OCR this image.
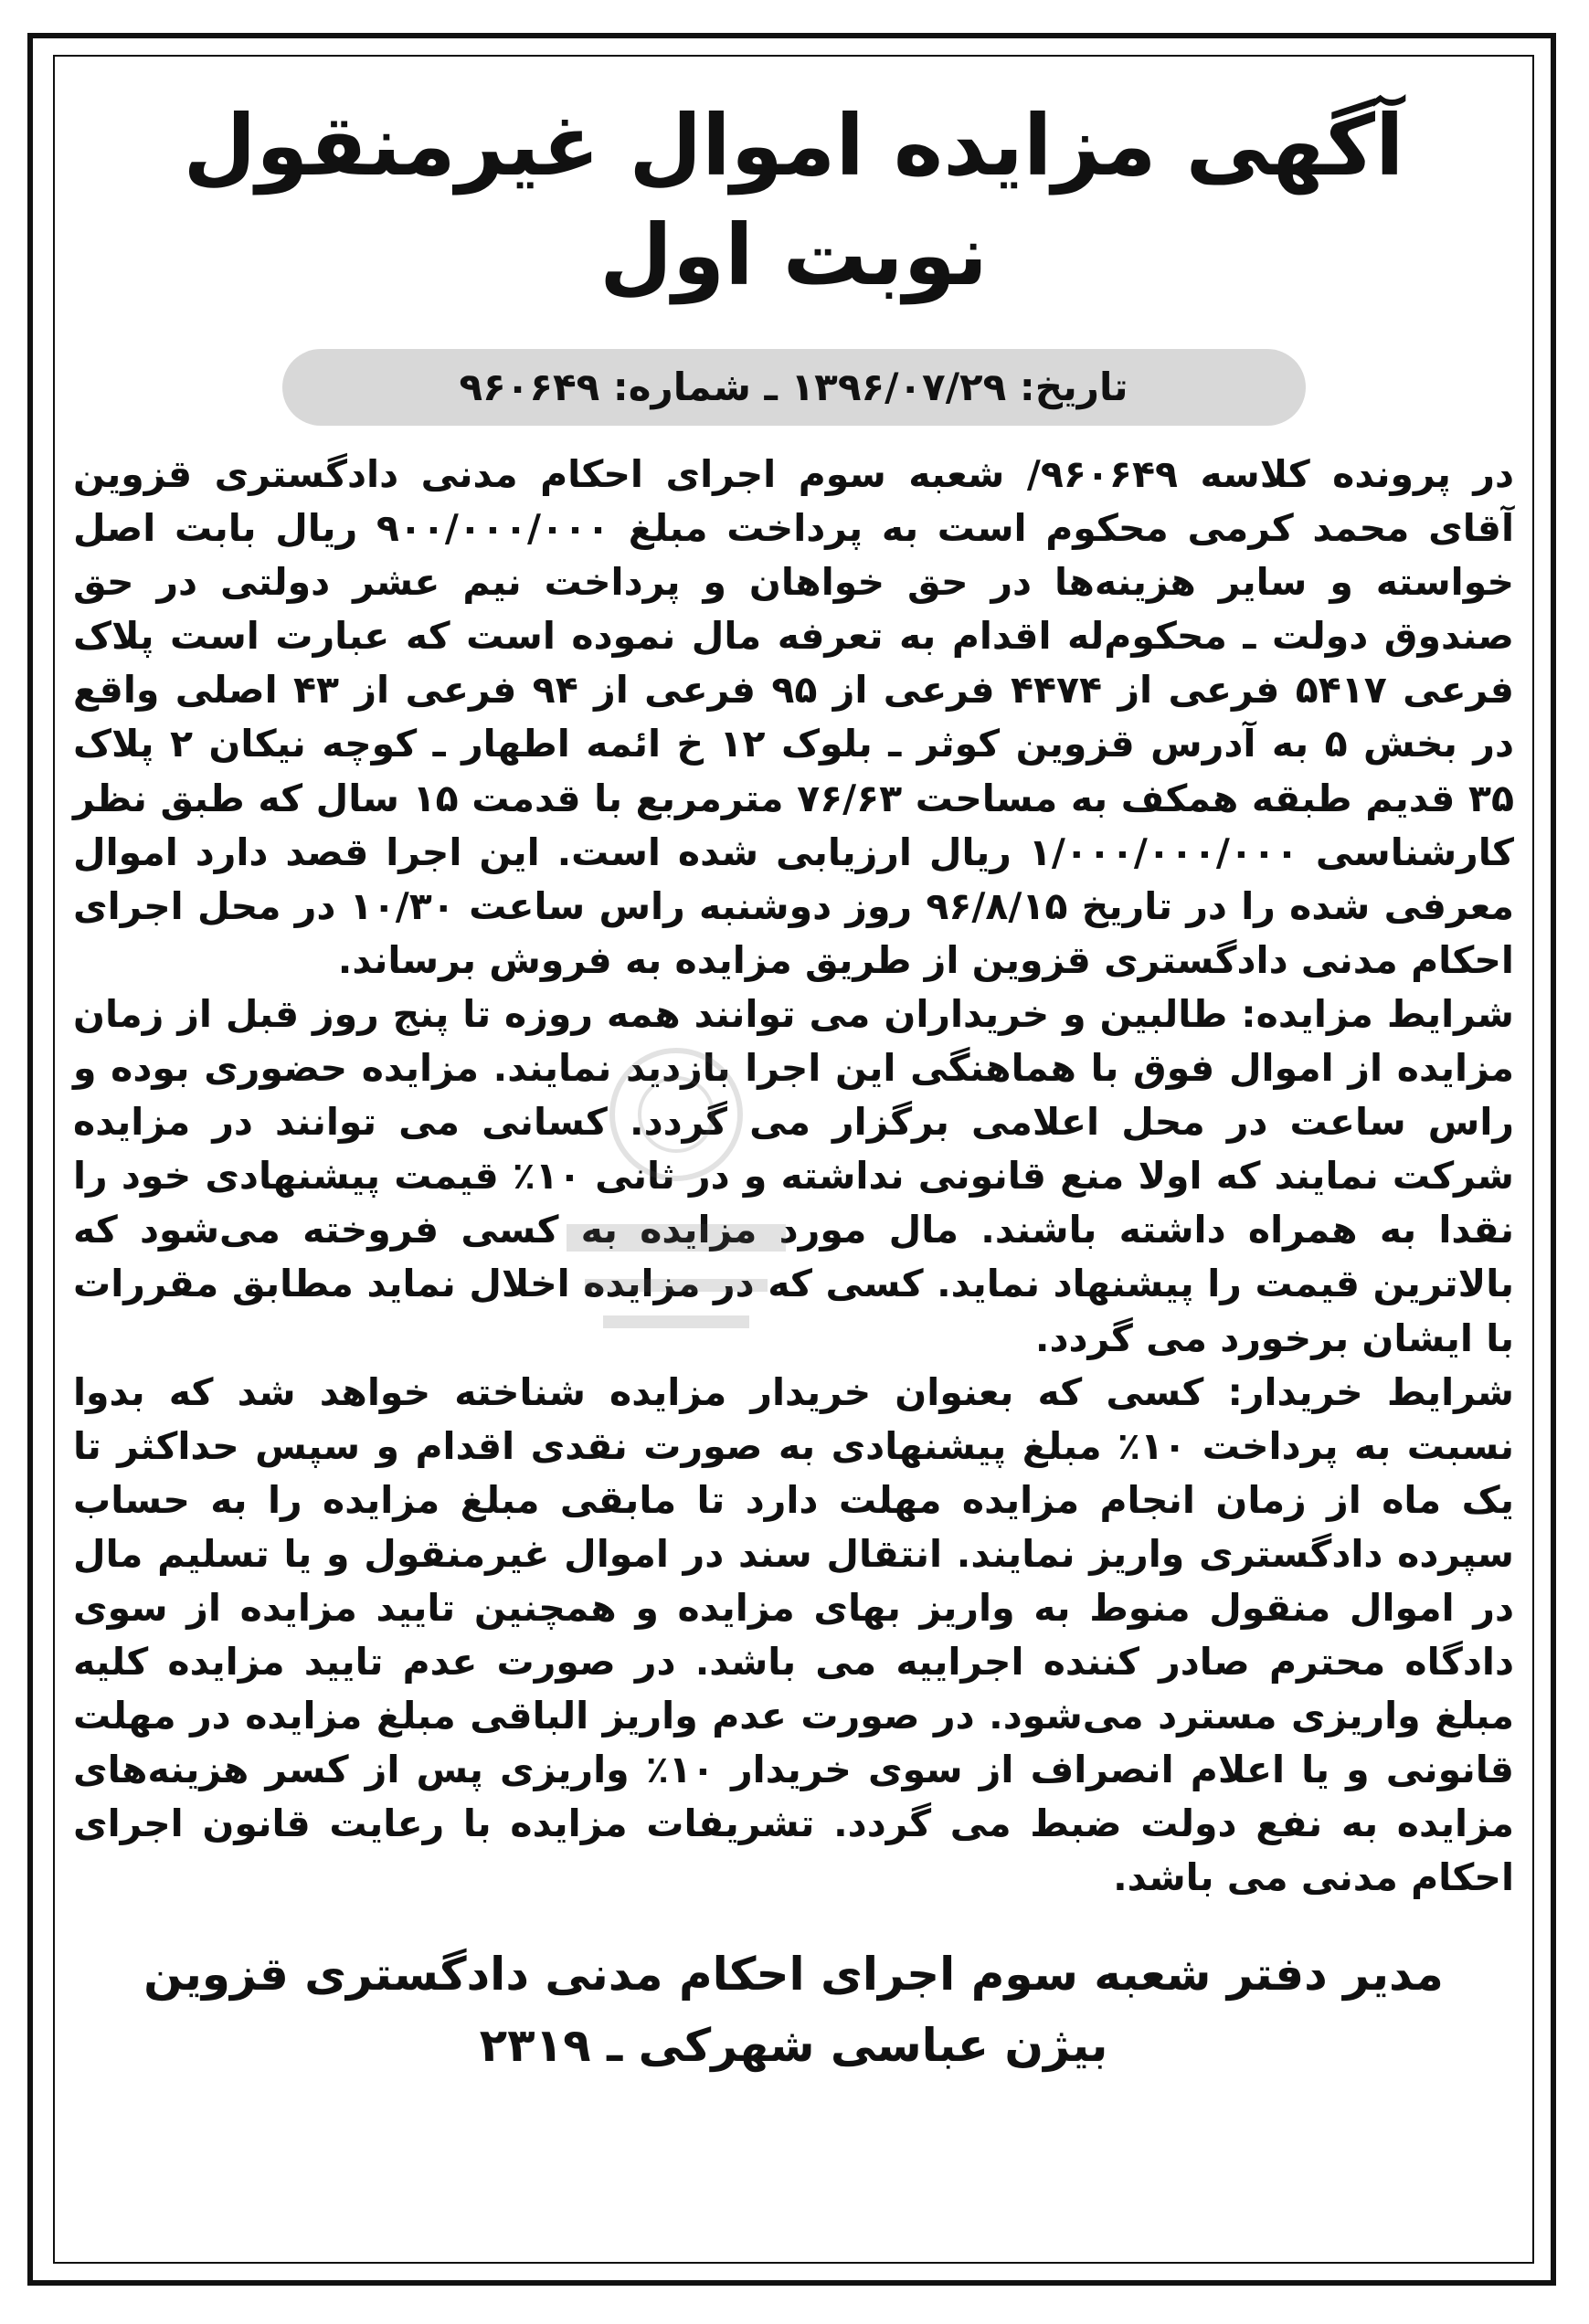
آگهی مزایده اموال غیرمنقول نوبت اول
تاریخ: ۱۳۹۶/۰۷/۲۹ ـ شماره: ۹۶۰۶۴۹

در پرونده کلاسه ۹۶۰۶۴۹/ شعبه سوم اجرای احکام مدنی دادگستری قزوین آقای محمد کرمی محکوم است به پرداخت مبلغ ۹۰۰/۰۰۰/۰۰۰ ریال بابت اصل خواسته و سایر هزینه‌ها در حق خواهان و پرداخت نیم عشر دولتی در حق صندوق دولت ـ محکوم‌له اقدام به تعرفه مال نموده است که عبارت است پلاک فرعی ۵۴۱۷ فرعی از ۴۴۷۴ فرعی از ۹۵ فرعی از ۹۴ فرعی از ۴۳ اصلی واقع در بخش ۵ به آدرس قزوین کوثر ـ بلوک ۱۲ خ ائمه اطهار ـ کوچه نیکان ۲ پلاک ۳۵ قدیم طبقه همکف به مساحت ۷۶/۶۳ مترمربع با قدمت ۱۵ سال که طبق نظر کارشناسی ۱/۰۰۰/۰۰۰/۰۰۰ ریال ارزیابی شده است. این اجرا قصد دارد اموال معرفی شده را در تاریخ ۹۶/۸/۱۵ روز دوشنبه راس ساعت ۱۰/۳۰ در محل اجرای احکام مدنی دادگستری قزوین از طریق مزایده به فروش برساند.

شرایط مزایده: طالبین و خریداران می توانند همه روزه تا پنج روز قبل از زمان مزایده از اموال فوق با هماهنگی این اجرا بازدید نمایند. مزایده حضوری بوده و راس ساعت در محل اعلامی برگزار می گردد. کسانی می توانند در مزایده شرکت نمایند که اولا منع قانونی نداشته و در ثانی ۱۰٪ قیمت پیشنهادی خود را نقدا به همراه داشته باشند. مال مورد مزایده به کسی فروخته می‌شود که بالاترین قیمت را پیشنهاد نماید. کسی که در مزایده اخلال نماید مطابق مقررات با ایشان برخورد می گردد.

شرایط خریدار: کسی که بعنوان خریدار مزایده شناخته خواهد شد که بدوا نسبت به پرداخت ۱۰٪ مبلغ پیشنهادی به صورت نقدی اقدام و سپس حداکثر تا یک ماه از زمان انجام مزایده مهلت دارد تا مابقی مبلغ مزایده را به حساب سپرده دادگستری واریز نمایند. انتقال سند در اموال غیرمنقول و یا تسلیم مال در اموال منقول منوط به واریز بهای مزایده و همچنین تایید مزایده از سوی دادگاه محترم صادر کننده اجراییه می باشد. در صورت عدم تایید مزایده کلیه مبلغ واریزی مسترد می‌شود. در صورت عدم واریز الباقی مبلغ مزایده در مهلت قانونی و یا اعلام انصراف از سوی خریدار ۱۰٪ واریزی پس از کسر هزینه‌های مزایده به نفع دولت ضبط می گردد. تشریفات مزایده با رعایت قانون اجرای احکام مدنی می باشد.

مدیر دفتر شعبه سوم اجرای احکام مدنی دادگستری قزوین
بیژن عباسی شهرکی ـ ۲۳۱۹
